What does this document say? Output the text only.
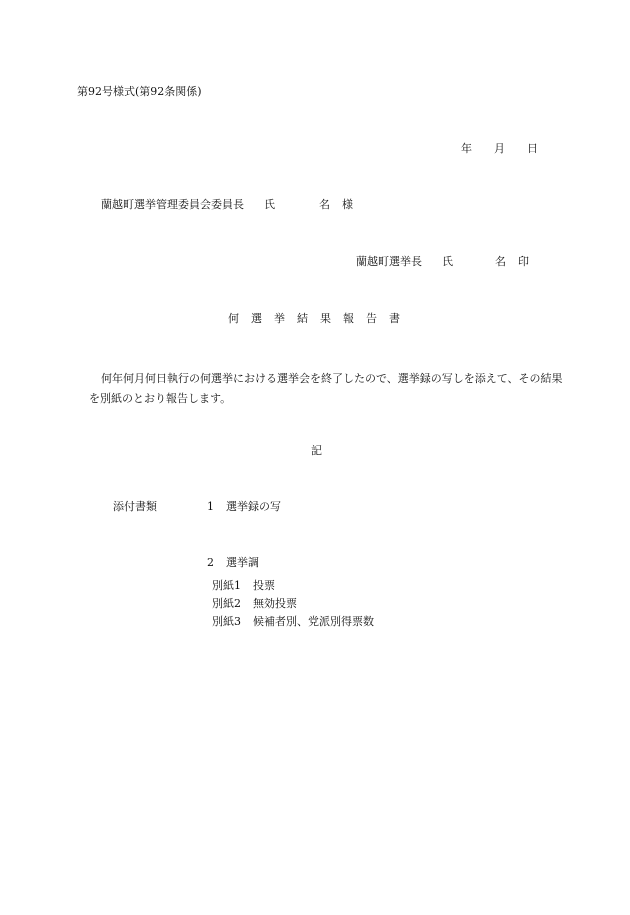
第92号様式(第92条関係)
年 月 日
蘭越町選挙管理委員会委員長 氏	名 様
蘭越町選挙長 氏	名 印
何選挙結果報告書
何年何月何日執行の何選挙における選挙会を終了したので、選挙録の写しを添えて、その結果を別紙のとおり報告します。
記
添付書類	1 選挙録の写
2 選挙調
別紙1 投票
別紙2 無効投票
別紙3 候補者別、党派別得票数
